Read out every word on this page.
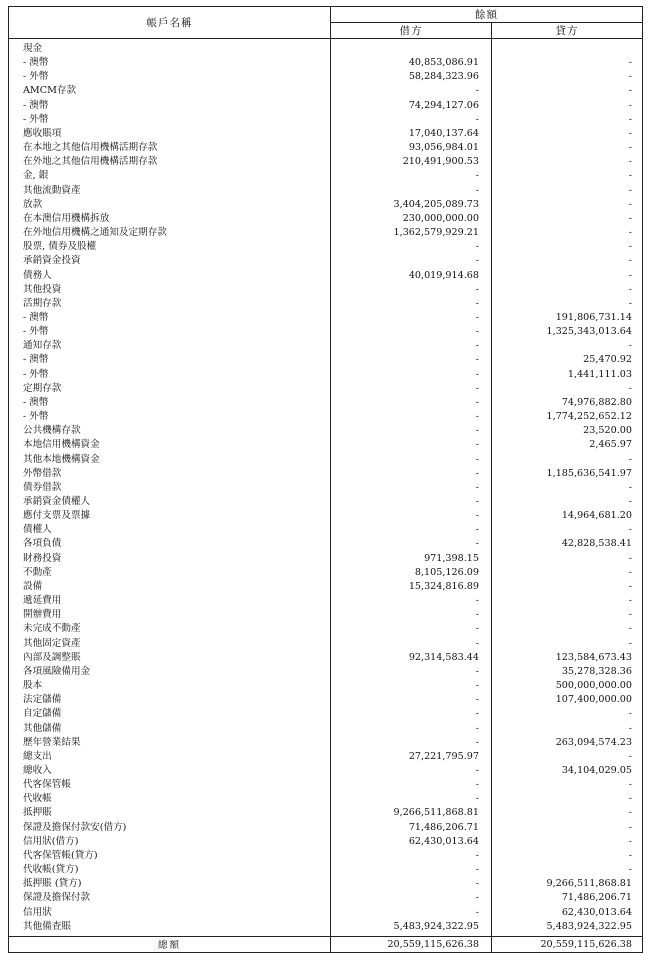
帳戶名稱	餘額	
	借方	貸方
現金		
- 澳幣	40,853,086.91	-
- 外幣	58,284,323.96	-
AMCM存款	-	-
- 澳幣	74,294,127.06	-
- 外幣	-	-
應收賬項	17,040,137.64	-
在本地之其他信用機構活期存款	93,056,984.01	-
在外地之其他信用機構活期存款	210,491,900.53	-
金, 銀	-	-
其他流動資產	-	-
放款	3,404,205,089.73	-
在本澳信用機構拆放	230,000,000.00	-
在外地信用機構之通知及定期存款	1,362,579,929.21	-
股票, 債券及股權	-	-
承銷資金投資	-	-
債務人	40,019,914.68	-
其他投資	-	-
活期存款	-	-
- 澳幣	-	191,806,731.14
- 外幣	-	1,325,343,013.64
通知存款	-	-
- 澳幣	-	25,470.92
- 外幣	-	1,441,111.03
定期存款	-	-
- 澳幣	-	74,976,882.80
- 外幣	-	1,774,252,652.12
公共機構存款	-	23,520.00
本地信用機構資金	-	2,465.97
其他本地機構資金	-	-
外幣借款	-	1,185,636,541.97
債券借款	-	-
承銷資金債權人	-	-
應付支票及票據	-	14,964,681.20
債權人	-	-
各項負債	-	42,828,538.41
財務投資	971,398.15	-
不動產	8,105,126.09	-
設備	15,324,816.89	-
遞延費用	-	-
開辦費用	-	-
未完成不動產	-	-
其他固定資產	-	-
內部及調整賬	92,314,583.44	123,584,673.43
各項風險備用金	-	35,278,328.36
股本	-	500,000,000.00
法定儲備	-	107,400,000.00
自定儲備	-	-
其他儲備	-	-
歷年營業結果	-	263,094,574.23
總支出	27,221,795.97	-
總收入	-	34,104,029.05
代客保管帳	-	-
代收帳	-	-
抵押賬	9,266,511,868.81	-
保證及擔保付款安(借方)	71,486,206.71	-
信用狀(借方)	62,430,013.64	-
代客保管帳(貸方)	-	-
代收帳(貸方)	-	-
抵押賬 (貸方)	-	9,266,511,868.81
保證及擔保付款	-	71,486,206.71
信用狀	-	62,430,013.64
其他備查賬	5,483,924,322.95	5,483,924,322.95
總額	20,559,115,626.38	20,559,115,626.38
